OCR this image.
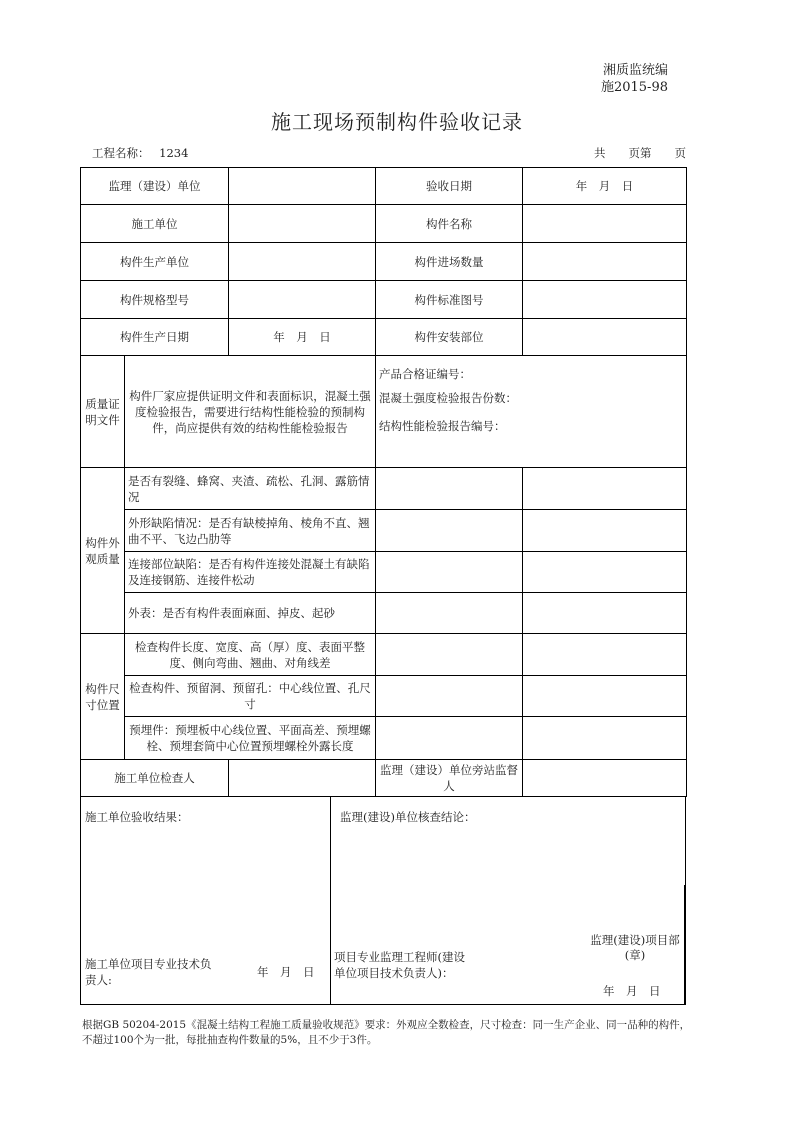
湘质监统编
施2015-98
施工现场预制构件验收记录
工程名称： 1234	共　　页第　　页
监理（建设）单位			验收日期	年　月　日
施工单位			构件名称	
构件生产单位			构件进场数量	
构件规格型号			构件标准图号	
构件生产日期		年　月　日	构件安装部位	
质量证明文件	构件厂家应提供证明文件和表面标识，混凝土强度检验报告，需要进行结构性能检验的预制构件，尚应提供有效的结构性能检验报告		产品合格证编号：
混凝土强度检验报告份数：
结构性能检验报告编号：	

构件外观质量	是否有裂缝、蜂窝、夹渣、疏松、孔洞、露筋情况			
	外形缺陷情况：是否有缺棱掉角、棱角不直、翘曲不平、飞边凸肋等			
	连接部位缺陷：是否有构件连接处混凝土有缺陷及连接钢筋、连接件松动			
	外表：是否有构件表面麻面、掉皮、起砂			
构件尺寸位置	检查构件长度、宽度、高（厚）度、表面平整度、侧向弯曲、翘曲、对角线差			
	检查构件、预留洞、预留孔：中心线位置、孔尺寸			
	预埋件：预埋板中心线位置、平面高差、预埋螺栓、预埋套筒中心位置预埋螺栓外露长度			
施工单位检查人			监理（建设）单位旁站监督人	
施工单位验收结果：
施工单位项目专业技术负责人:
年　月　日
监理(建设)单位核查结论：
项目专业监理工程师(建设单位项目技术负责人)：
监理(建设)项目部(章)
年　月　日
根据GB 50204-2015《混凝土结构工程施工质量验收规范》要求：外观应全数检查，尺寸检查：同一生产企业、同一品种的构件，不超过100个为一批，每批抽查构件数量的5%，且不少于3件。
